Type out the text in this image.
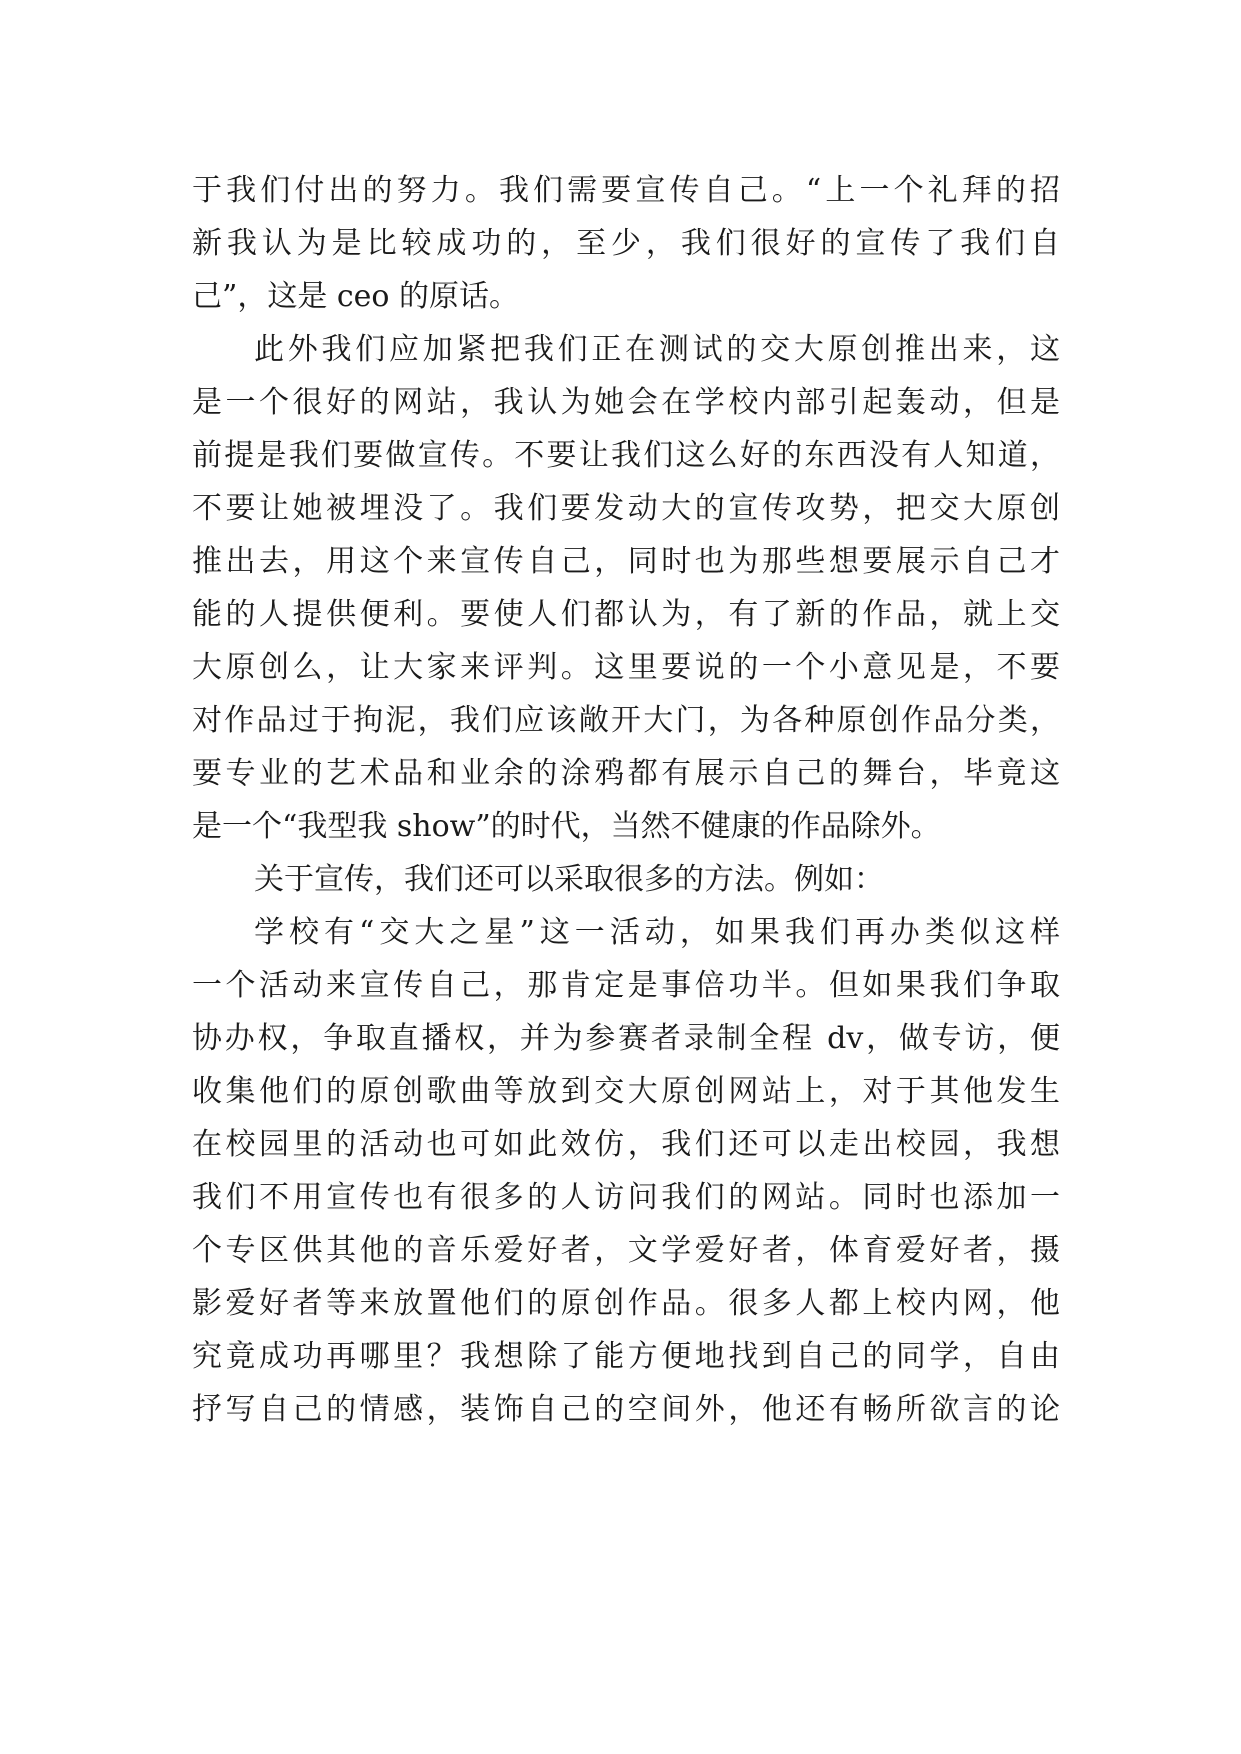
于我们付出的努力。我们需要宣传自己。“上一个礼拜的招
新我认为是比较成功的，至少，我们很好的宣传了我们自
己”，这是 ceo 的原话。
此外我们应加紧把我们正在测试的交大原创推出来，这
是一个很好的网站，我认为她会在学校内部引起轰动，但是
前提是我们要做宣传。不要让我们这么好的东西没有人知道，
不要让她被埋没了。我们要发动大的宣传攻势，把交大原创
推出去，用这个来宣传自己，同时也为那些想要展示自己才
能的人提供便利。要使人们都认为，有了新的作品，就上交
大原创么，让大家来评判。这里要说的一个小意见是，不要
对作品过于拘泥，我们应该敞开大门，为各种原创作品分类，
要专业的艺术品和业余的涂鸦都有展示自己的舞台，毕竟这
是一个“我型我 show”的时代，当然不健康的作品除外。
关于宣传，我们还可以采取很多的方法。例如：
学校有“交大之星”这一活动，如果我们再办类似这样
一个活动来宣传自己，那肯定是事倍功半。但如果我们争取
协办权，争取直播权，并为参赛者录制全程 dv，做专访，便
收集他们的原创歌曲等放到交大原创网站上，对于其他发生
在校园里的活动也可如此效仿，我们还可以走出校园，我想
我们不用宣传也有很多的人访问我们的网站。同时也添加一
个专区供其他的音乐爱好者，文学爱好者，体育爱好者，摄
影爱好者等来放置他们的原创作品。很多人都上校内网，他
究竟成功再哪里？我想除了能方便地找到自己的同学，自由
抒写自己的情感，装饰自己的空间外，他还有畅所欲言的论
